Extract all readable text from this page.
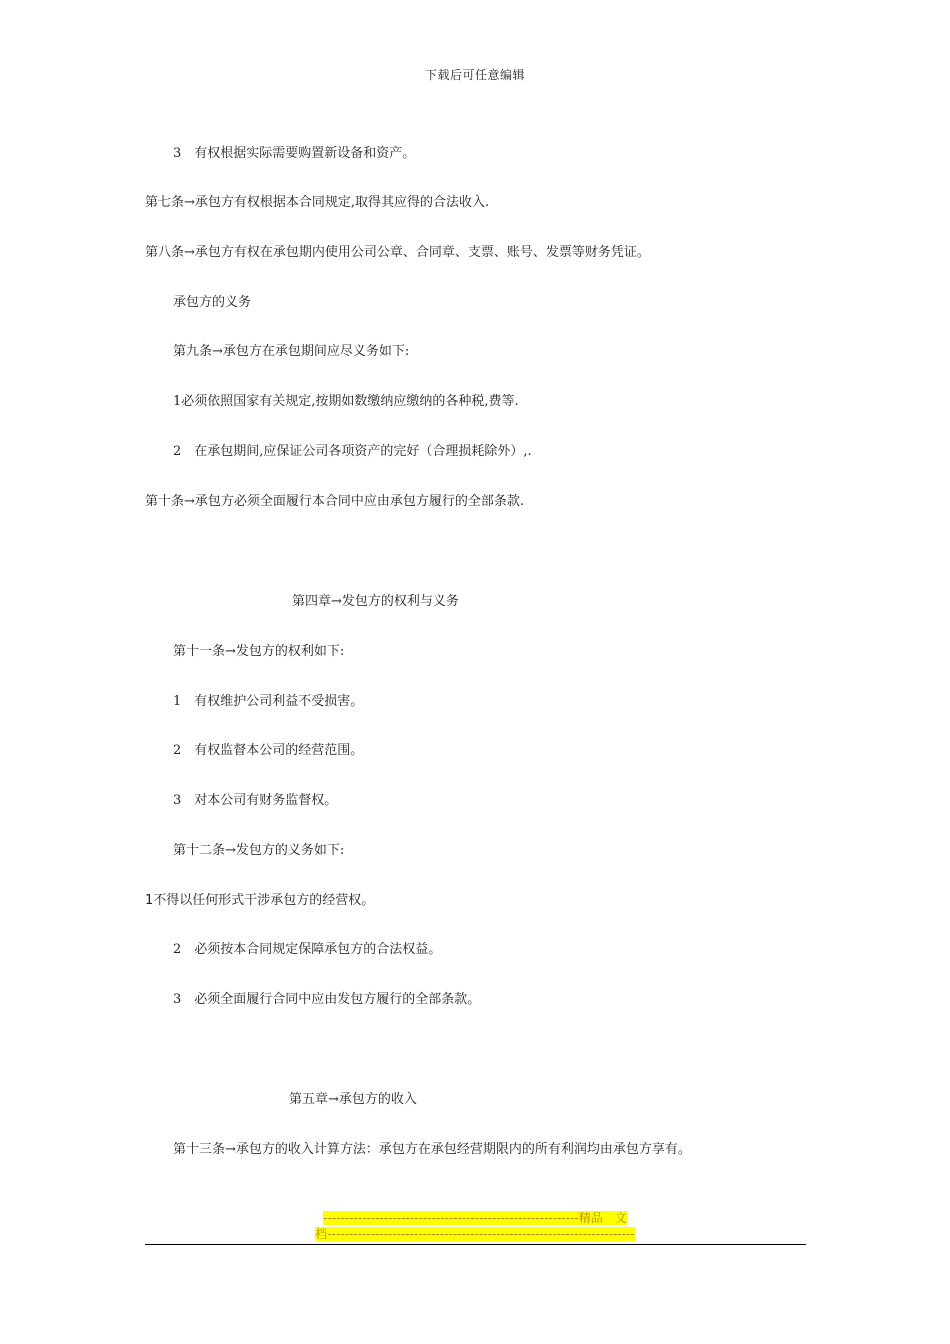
下载后可任意编辑
3　有权根据实际需要购置新设备和资产。
第七条→承包方有权根据本合同规定,取得其应得的合法收入.
第八条→承包方有权在承包期内使用公司公章、合同章、支票、账号、发票等财务凭证。
承包方的义务
第九条→承包方在承包期间应尽义务如下:
1必须依照国家有关规定,按期如数缴纳应缴纳的各种税,费等.
2　在承包期间,应保证公司各项资产的完好（合理损耗除外）,.
第十条→承包方必须全面履行本合同中应由承包方履行的全部条款.
第四章→发包方的权利与义务
第十一条→发包方的权利如下:
1　有权维护公司利益不受损害。
2　有权监督本公司的经营范围。
3　对本公司有财务监督权。
第十二条→发包方的义务如下:
1不得以任何形式干涉承包方的经营权。
2　必须按本合同规定保障承包方的合法权益。
3　必须全面履行合同中应由发包方履行的全部条款。
第五章→承包方的收入
第十三条→承包方的收入计算方法：承包方在承包经营期限内的所有利润均由承包方享有。
-----------------------------------------------------------精品　文
档-----------------------------------------------------------------------
